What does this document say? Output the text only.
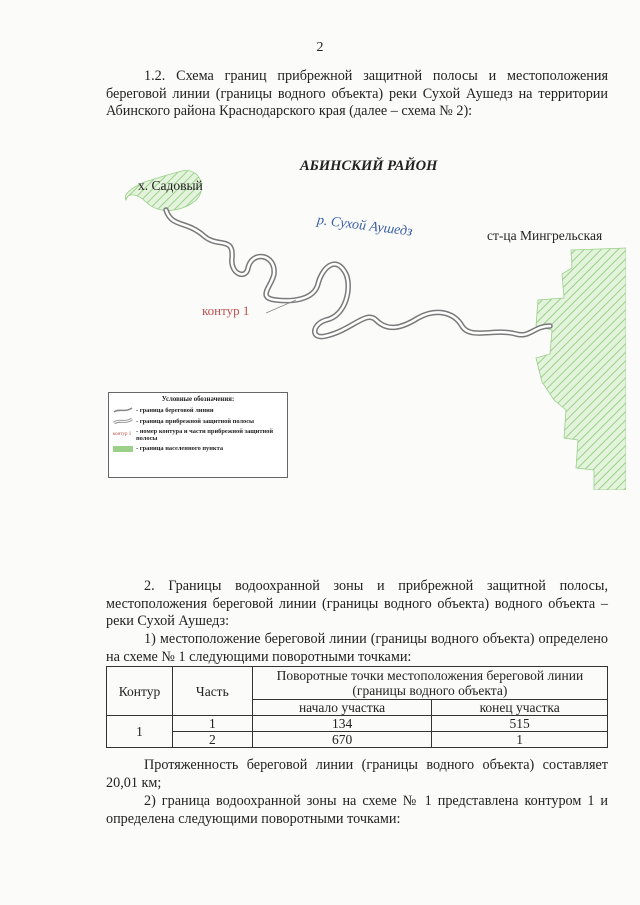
2
1.2. Схема границ прибрежной защитной полосы и местоположения береговой линии (границы водного объекта) реки Сухой Аушедз на территории Абинского района Краснодарского края (далее – схема № 2):
АБИНСКИЙ РАЙОН
х. Садовый
р. Сухой Аушедз	ст-ца Мингрельская
контур 1
Условные обозначения:
- граница береговой линии
- граница прибрежной защитной полосы
контур 1 - номер контура и части прибрежной защитной полосы
- граница населенного пункта
2. Границы водоохранной зоны и прибрежной защитной полосы, местоположения береговой линии (границы водного объекта) водного объекта – реки Сухой Аушедз:
1) местоположение береговой линии (границы водного объекта) определено на схеме № 1 следующими поворотными точками:
Контур	Часть	Поворотные точки местоположения береговой линии (границы водного объекта)	
		начало участка	конец участка
1	1	134	515
	2	670	1
Протяженность береговой линии (границы водного объекта) составляет 20,01 км;
2) граница водоохранной зоны на схеме № 1 представлена контуром 1 и определена следующими поворотными точками:
